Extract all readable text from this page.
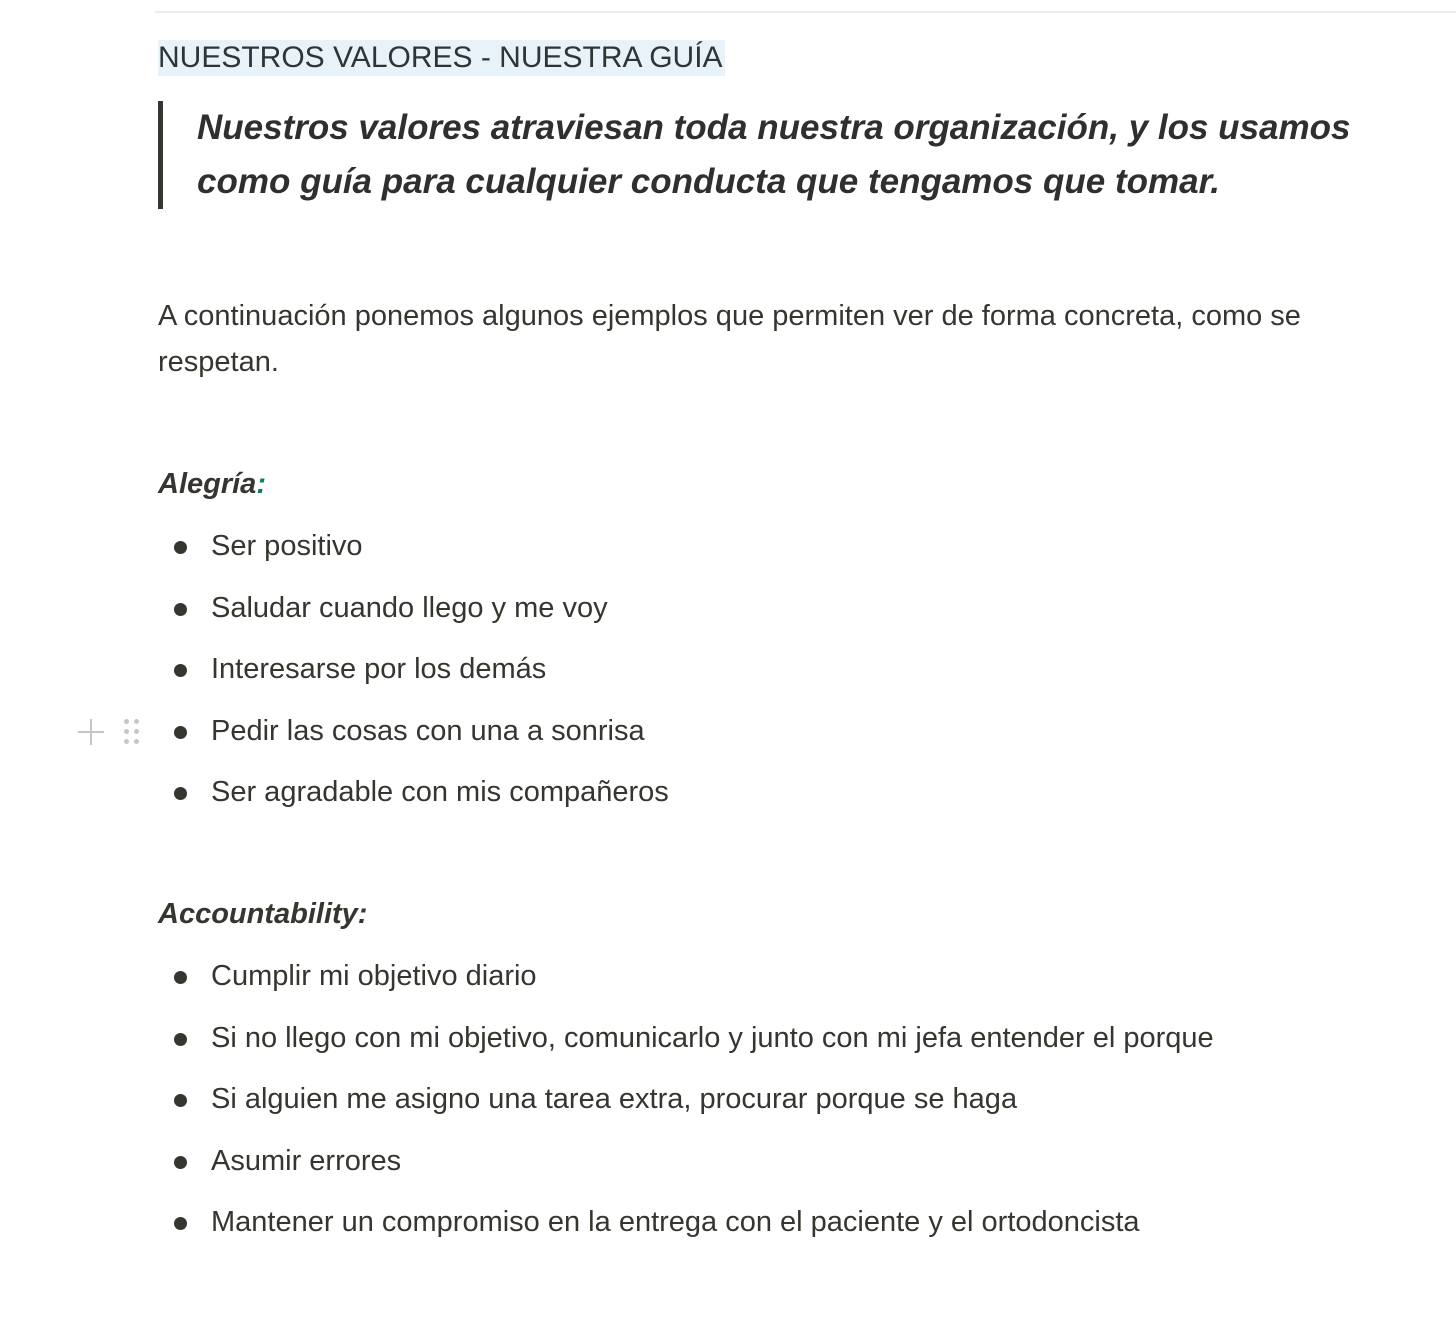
NUESTROS VALORES - NUESTRA GUÍA
Nuestros valores atraviesan toda nuestra organización, y los usamos como guía para cualquier conducta que tengamos que tomar.
A continuación ponemos algunos ejemplos que permiten ver de forma concreta, como se respetan.
Alegría:
Ser positivo
Saludar cuando llego y me voy
Interesarse por los demás
Pedir las cosas con una a sonrisa
Ser agradable con mis compañeros
Accountability:
Cumplir mi objetivo diario
Si no llego con mi objetivo, comunicarlo y junto con mi jefa entender el porque
Si alguien me asigno una tarea extra, procurar porque se haga
Asumir errores
Mantener un compromiso en la entrega con el paciente y el ortodoncista
